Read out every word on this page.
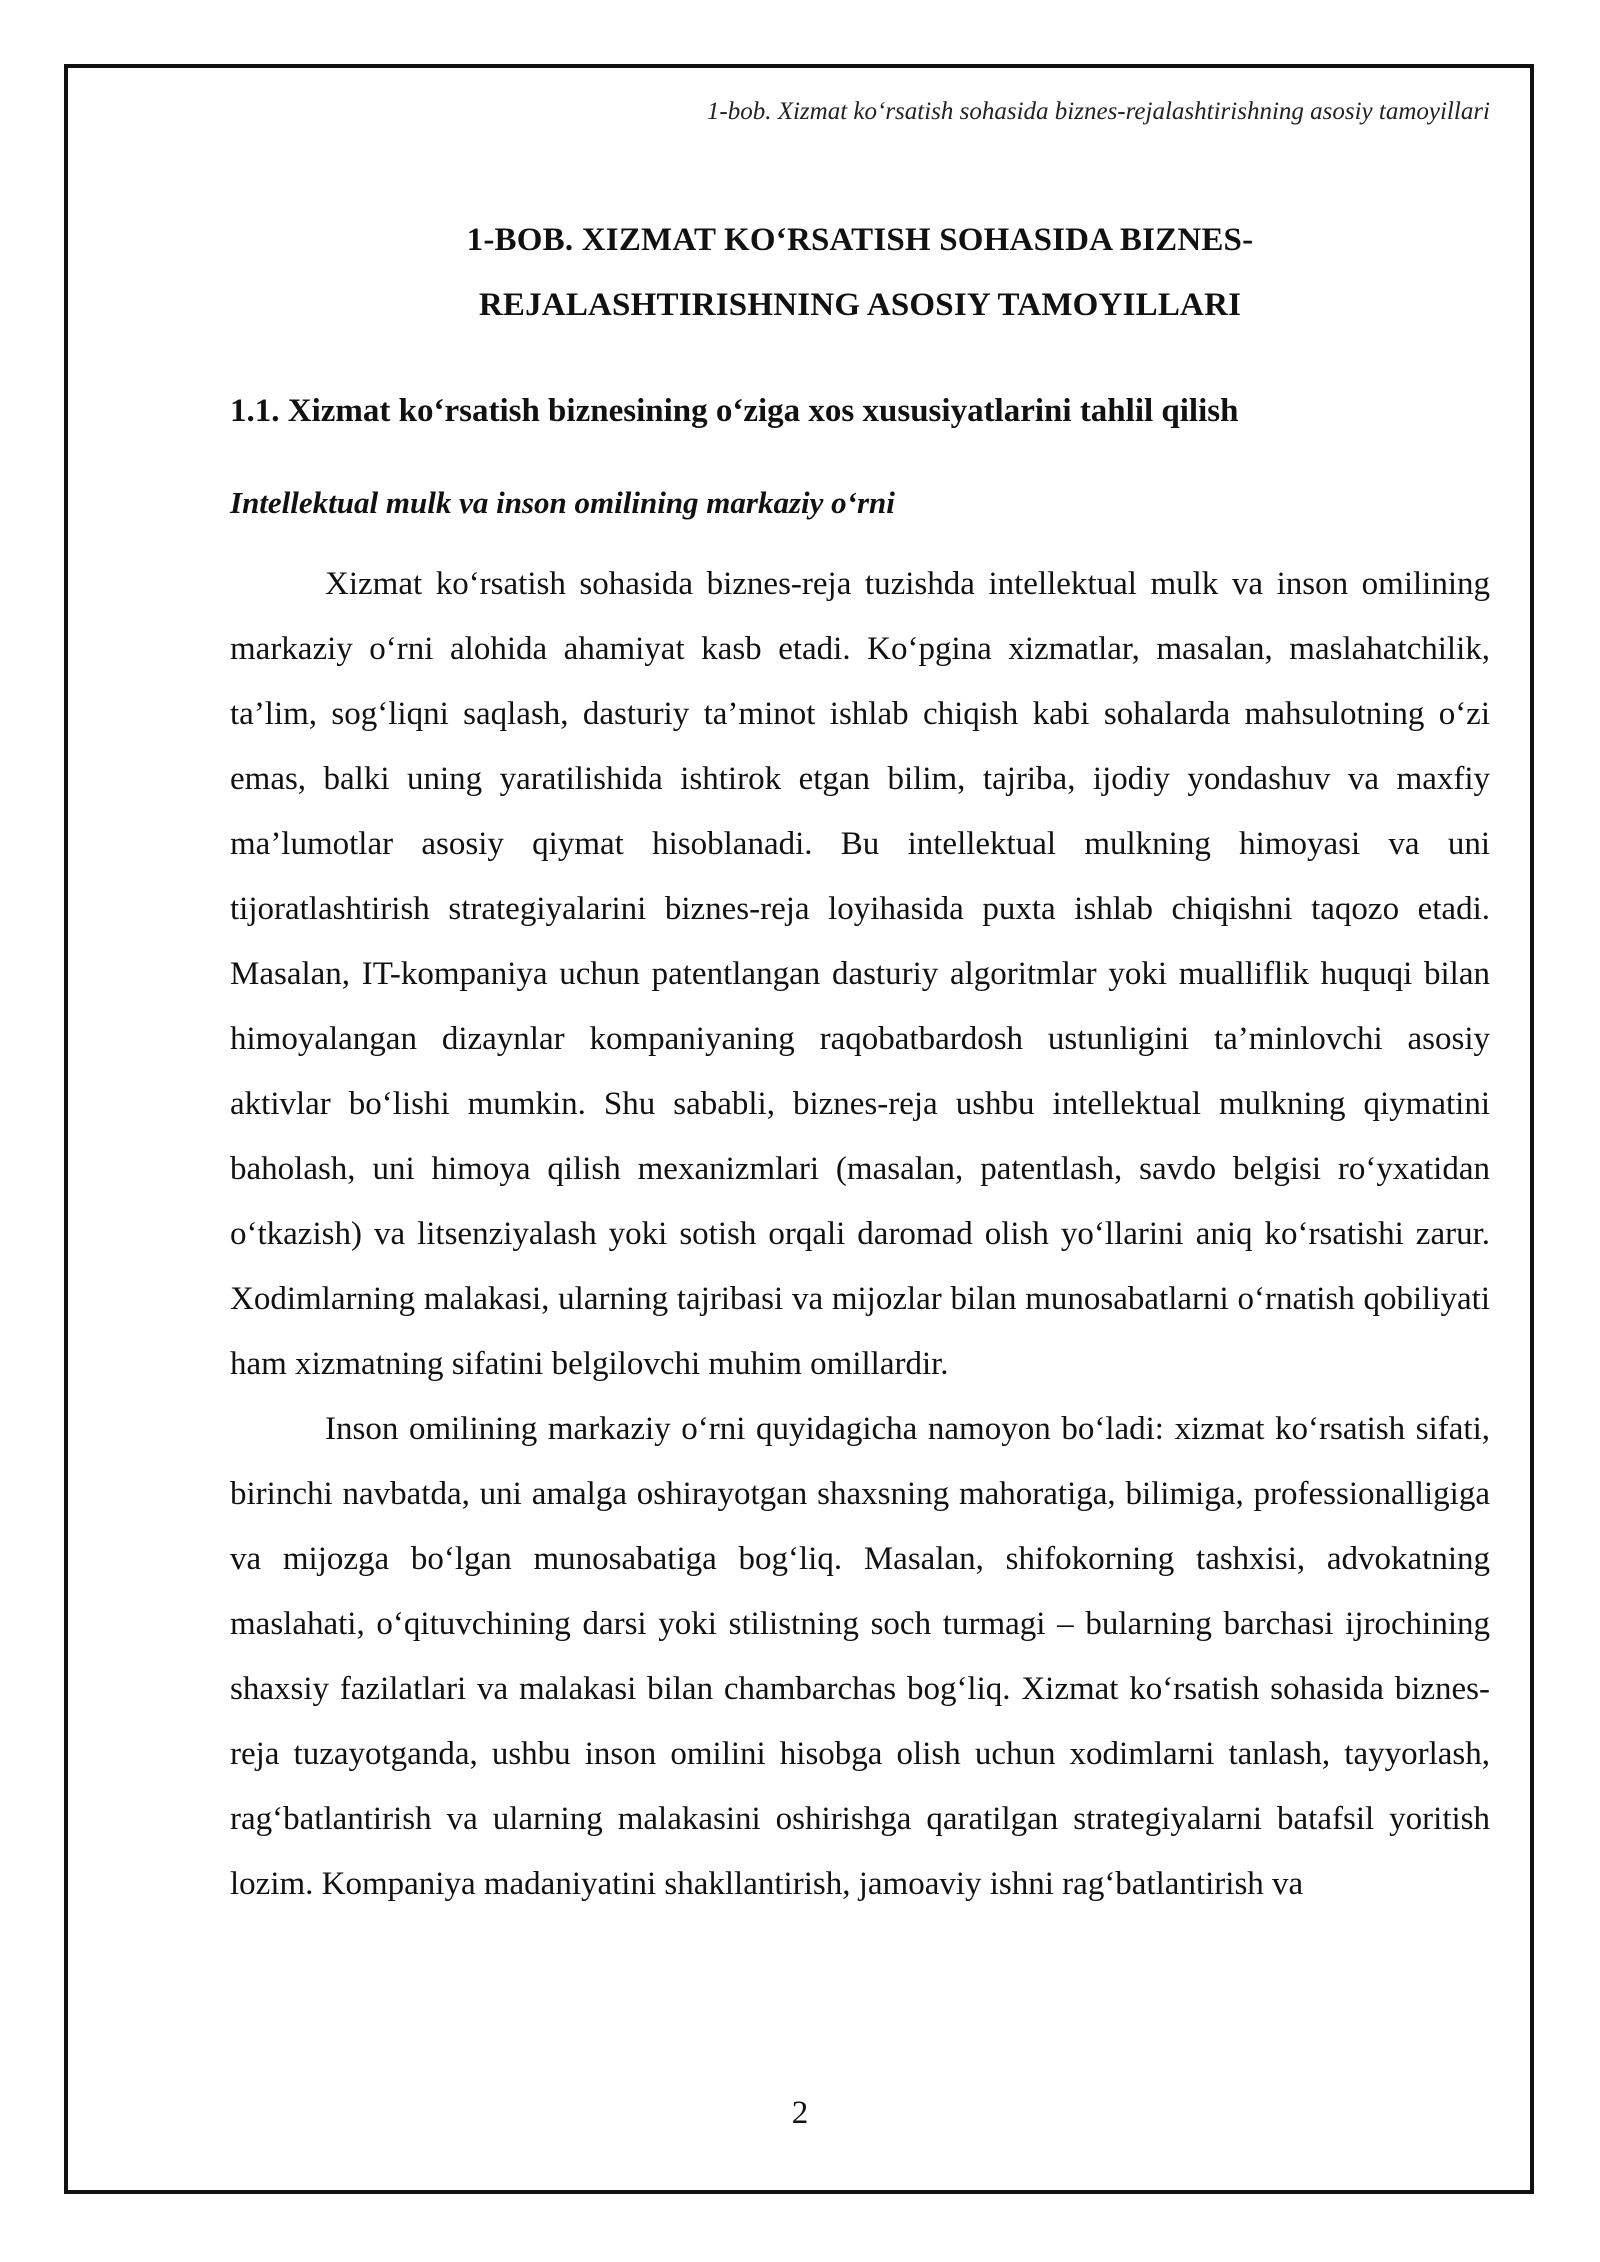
1-bob. Xizmat ko‘rsatish sohasida biznes-rejalashtirishning asosiy tamoyillari
1-BOB. XIZMAT KO‘RSATISH SOHASIDA BIZNES-
REJALASHTIRISHNING ASOSIY TAMOYILLARI
1.1. Xizmat ko‘rsatish biznesining o‘ziga xos xususiyatlarini tahlil qilish
Intellektual mulk va inson omilining markaziy o‘rni

Xizmat ko‘rsatish sohasida biznes-reja tuzishda intellektual mulk va inson omilining markaziy o‘rni alohida ahamiyat kasb etadi. Ko‘pgina xizmatlar, masalan, maslahatchilik, ta’lim, sog‘liqni saqlash, dasturiy ta’minot ishlab chiqish kabi sohalarda mahsulotning o‘zi emas, balki uning yaratilishida ishtirok etgan bilim, tajriba, ijodiy yondashuv va maxfiy ma’lumotlar asosiy qiymat hisoblanadi. Bu intellektual mulkning himoyasi va uni tijoratlashtirish strategiyalarini biznes-reja loyihasida puxta ishlab chiqishni taqozo etadi. Masalan, IT-kompaniya uchun patentlangan dasturiy algoritmlar yoki mualliflik huquqi bilan himoyalangan dizaynlar kompaniyaning raqobatbardosh ustunligini ta’minlovchi asosiy aktivlar bo‘lishi mumkin. Shu sababli, biznes-reja ushbu intellektual mulkning qiymatini baholash, uni himoya qilish mexanizmlari (masalan, patentlash, savdo belgisi ro‘yxatidan o‘tkazish) va litsenziyalash yoki sotish orqali daromad olish yo‘llarini aniq ko‘rsatishi zarur. Xodimlarning malakasi, ularning tajribasi va mijozlar bilan munosabatlarni o‘rnatish qobiliyati ham xizmatning sifatini belgilovchi muhim omillardir.

Inson omilining markaziy o‘rni quyidagicha namoyon bo‘ladi: xizmat ko‘rsatish sifati, birinchi navbatda, uni amalga oshirayotgan shaxsning mahoratiga, bilimiga, professionalligiga va mijozga bo‘lgan munosabatiga bog‘liq. Masalan, shifokorning tashxisi, advokatning maslahati, o‘qituvchining darsi yoki stilistning soch turmagi – bularning barchasi ijrochining shaxsiy fazilatlari va malakasi bilan chambarchas bog‘liq. Xizmat ko‘rsatish sohasida biznes-reja tuzayotganda, ushbu inson omilini hisobga olish uchun xodimlarni tanlash, tayyorlash, rag‘batlantirish va ularning malakasini oshirishga qaratilgan strategiyalarni batafsil yoritish lozim. Kompaniya madaniyatini shakllantirish, jamoaviy ishni rag‘batlantirish va

2
